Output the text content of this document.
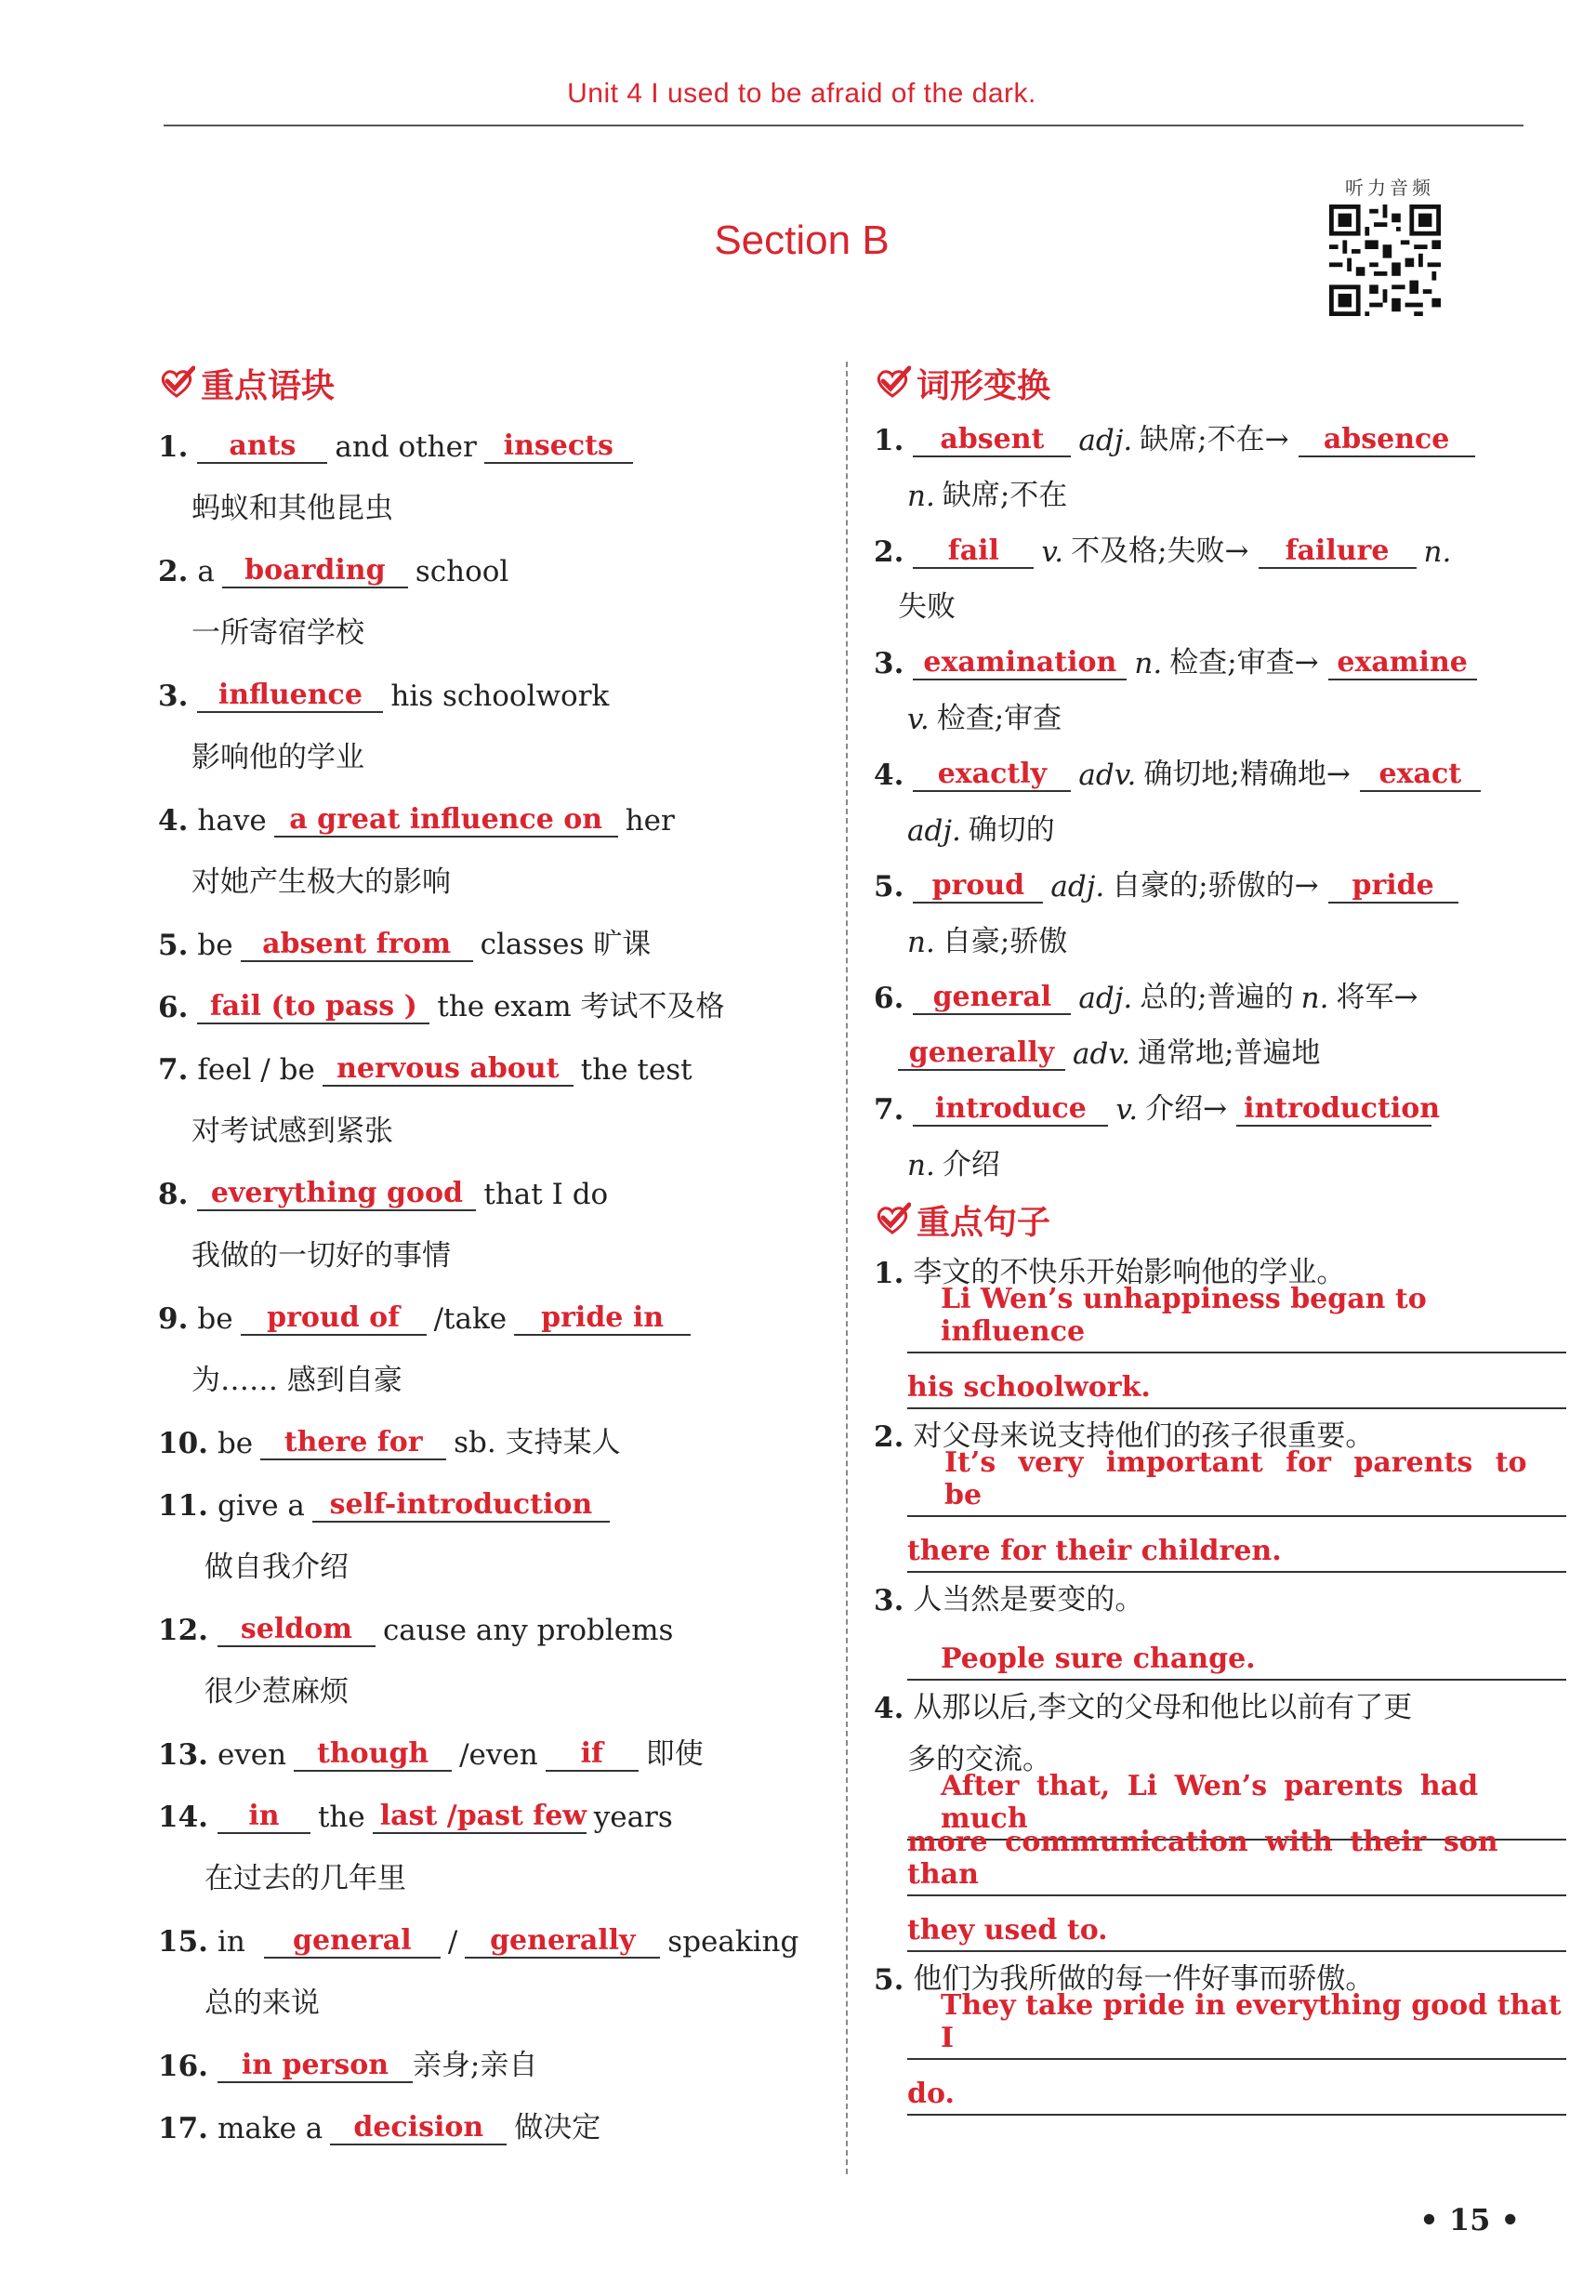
Unit 4 I used to be afraid of the dark.
Section B
听力音频
重点语块
1.	ants	and other insects
蚂蚁和其他昆虫
2. a	boarding	school
一所寄宿学校
3.	influence his schoolwork
影响他的学业
4. have a great influence on her
对她产生极大的影响
5. be	absent from	classes 旷课
6. fail (to pass ) the exam 考试不及格
7. feel / be nervous about the test
对考试感到紧张
8. everything good that I do
我做的一切好的事情
9. be	proud of	/take	pride in
为…… 感到自豪
10. be	there for	sb. 支持某人
11. give a self-introduction
做自我介绍
12.	seldom	cause any problems
很少惹麻烦
13. even	though	/even	if	即使
14.	in	the last /past few years
在过去的几年里
15. in	general	/	generally	speaking
总的来说
16.	in person 亲身;亲自
17. make a	decision	做决定
词形变换
1.	absent	adj. 缺席;不在→	absence
n. 缺席;不在
2.	fail	v. 不及格;失败→	failure	n.
失败
3. examination n. 检查;审查→ examine
v. 检查;审查
4.	exactly	adv. 确切地;精确地→	exact
adj. 确切的
5.	proud adj. 自豪的;骄傲的→	pride
n. 自豪;骄傲
6.	general adj. 总的;普遍的 n. 将军→
generally adv. 通常地;普遍地
7.	introduce	v. 介绍→ introduction
n. 介绍
重点句子
1. 李文的不快乐开始影响他的学业。
Li Wen’s unhappiness began to influence
his schoolwork.
2. 对父母来说支持他们的孩子很重要。
It’s very important for parents to be
there for their children.
3. 人当然是要变的。
People sure change.
4. 从那以后,李文的父母和他比以前有了更
多的交流。
After that, Li Wen’s parents had much
more communication with their son than
they used to.
5. 他们为我所做的每一件好事而骄傲。
They take pride in everything good that I
do.
• 15 •
